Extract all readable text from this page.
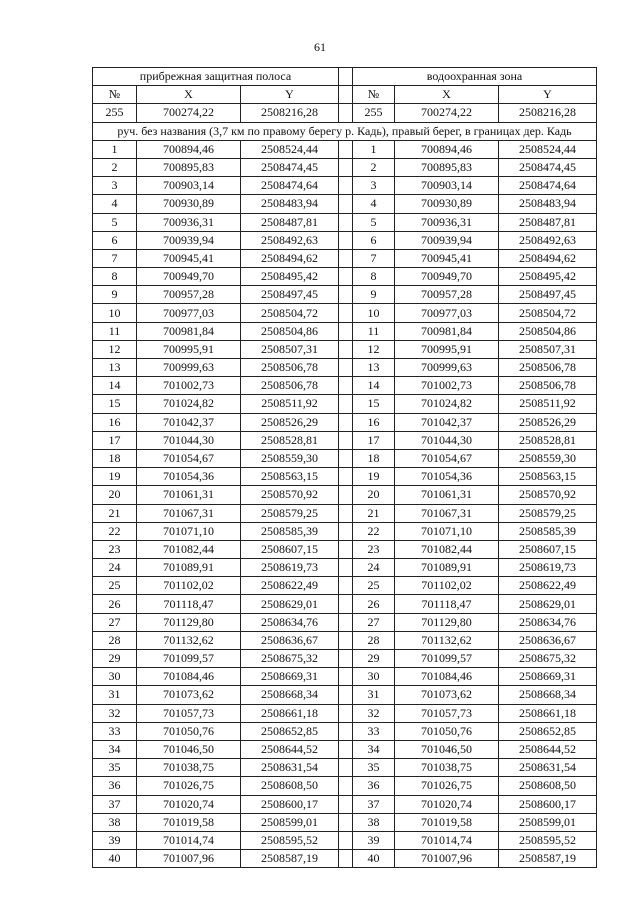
61
прибрежная защитная полоса				водоохранная зона		
№	X	Y		№	X	Y
255	700274,22	2508216,28		255	700274,22	2508216,28
руч. без названия (3,7 км по правому берегу р. Кадь), правый берег, в границах дер. Кадь						
1	700894,46	2508524,44		1	700894,46	2508524,44
2	700895,83	2508474,45		2	700895,83	2508474,45
3	700903,14	2508474,64		3	700903,14	2508474,64
4	700930,89	2508483,94		4	700930,89	2508483,94
5	700936,31	2508487,81		5	700936,31	2508487,81
6	700939,94	2508492,63		6	700939,94	2508492,63
7	700945,41	2508494,62		7	700945,41	2508494,62
8	700949,70	2508495,42		8	700949,70	2508495,42
9	700957,28	2508497,45		9	700957,28	2508497,45
10	700977,03	2508504,72		10	700977,03	2508504,72
11	700981,84	2508504,86		11	700981,84	2508504,86
12	700995,91	2508507,31		12	700995,91	2508507,31
13	700999,63	2508506,78		13	700999,63	2508506,78
14	701002,73	2508506,78		14	701002,73	2508506,78
15	701024,82	2508511,92		15	701024,82	2508511,92
16	701042,37	2508526,29		16	701042,37	2508526,29
17	701044,30	2508528,81		17	701044,30	2508528,81
18	701054,67	2508559,30		18	701054,67	2508559,30
19	701054,36	2508563,15		19	701054,36	2508563,15
20	701061,31	2508570,92		20	701061,31	2508570,92
21	701067,31	2508579,25		21	701067,31	2508579,25
22	701071,10	2508585,39		22	701071,10	2508585,39
23	701082,44	2508607,15		23	701082,44	2508607,15
24	701089,91	2508619,73		24	701089,91	2508619,73
25	701102,02	2508622,49		25	701102,02	2508622,49
26	701118,47	2508629,01		26	701118,47	2508629,01
27	701129,80	2508634,76		27	701129,80	2508634,76
28	701132,62	2508636,67		28	701132,62	2508636,67
29	701099,57	2508675,32		29	701099,57	2508675,32
30	701084,46	2508669,31		30	701084,46	2508669,31
31	701073,62	2508668,34		31	701073,62	2508668,34
32	701057,73	2508661,18		32	701057,73	2508661,18
33	701050,76	2508652,85		33	701050,76	2508652,85
34	701046,50	2508644,52		34	701046,50	2508644,52
35	701038,75	2508631,54		35	701038,75	2508631,54
36	701026,75	2508608,50		36	701026,75	2508608,50
37	701020,74	2508600,17		37	701020,74	2508600,17
38	701019,58	2508599,01		38	701019,58	2508599,01
39	701014,74	2508595,52		39	701014,74	2508595,52
40	701007,96	2508587,19		40	701007,96	2508587,19
